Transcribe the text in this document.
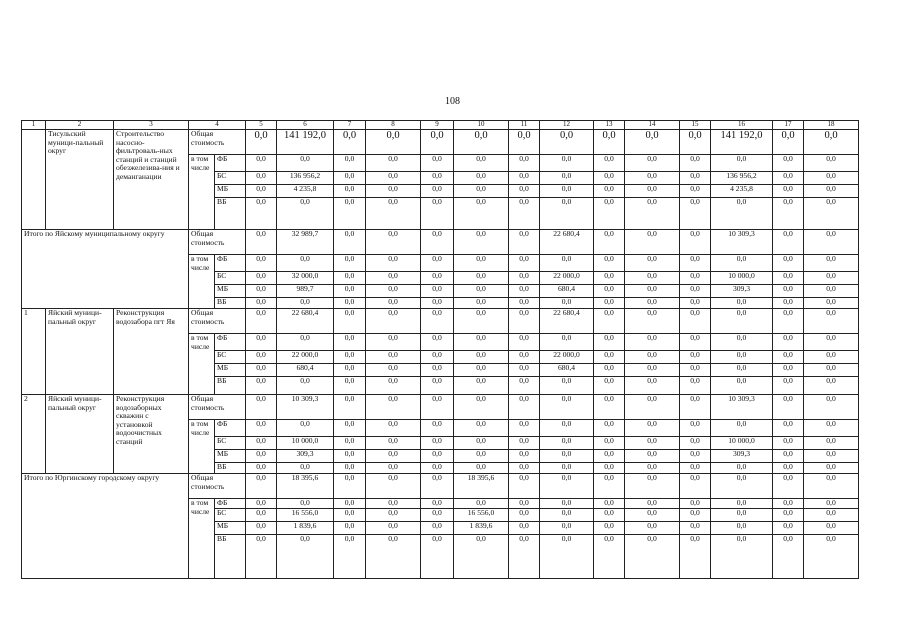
108
1	2	3	4		5	6	7	8	9	10	11	12	13	14	15	16	17	18
	Тисульский муници-пальный округ	Строительство насосно-фильтроваль-ных станций и станций обезжелезива-ния и деманганации	Общая стоимость		0,0	141 192,0	0,0	0,0	0,0	0,0	0,0	0,0	0,0	0,0	0,0	141 192,0	0,0	0,0
			в том числе	ФБ	0,0	0,0	0,0	0,0	0,0	0,0	0,0	0,0	0,0	0,0	0,0	0,0	0,0	0,0
				БС	0,0	136 956,2	0,0	0,0	0,0	0,0	0,0	0,0	0,0	0,0	0,0	136 956,2	0,0	0,0
				МБ	0,0	4 235,8	0,0	0,0	0,0	0,0	0,0	0,0	0,0	0,0	0,0	4 235,8	0,0	0,0
				ВБ	0,0	0,0	0,0	0,0	0,0	0,0	0,0	0,0	0,0	0,0	0,0	0,0	0,0	0,0
Итого по Яйскому муниципальному округу			Общая стоимость		0,0	32 989,7	0,0	0,0	0,0	0,0	0,0	22 680,4	0,0	0,0	0,0	10 309,3	0,0	0,0
			в том числе	ФБ	0,0	0,0	0,0	0,0	0,0	0,0	0,0	0,0	0,0	0,0	0,0	0,0	0,0	0,0
				БС	0,0	32 000,0	0,0	0,0	0,0	0,0	0,0	22 000,0	0,0	0,0	0,0	10 000,0	0,0	0,0
				МБ	0,0	989,7	0,0	0,0	0,0	0,0	0,0	680,4	0,0	0,0	0,0	309,3	0,0	0,0
				ВБ	0,0	0,0	0,0	0,0	0,0	0,0	0,0	0,0	0,0	0,0	0,0	0,0	0,0	0,0
1	Яйский муници-пальный округ	Реконструкция водозабора пгт Яя	Общая стоимость		0,0	22 680,4	0,0	0,0	0,0	0,0	0,0	22 680,4	0,0	0,0	0,0	0,0	0,0	0,0
			в том числе	ФБ	0,0	0,0	0,0	0,0	0,0	0,0	0,0	0,0	0,0	0,0	0,0	0,0	0,0	0,0
				БС	0,0	22 000,0	0,0	0,0	0,0	0,0	0,0	22 000,0	0,0	0,0	0,0	0,0	0,0	0,0
				МБ	0,0	680,4	0,0	0,0	0,0	0,0	0,0	680,4	0,0	0,0	0,0	0,0	0,0	0,0
				ВБ	0,0	0,0	0,0	0,0	0,0	0,0	0,0	0,0	0,0	0,0	0,0	0,0	0,0	0,0
2	Яйский муници-пальный округ	Реконструкция водозаборных скважин с установкой водоочистных станций	Общая стоимость		0,0	10 309,3	0,0	0,0	0,0	0,0	0,0	0,0	0,0	0,0	0,0	10 309,3	0,0	0,0
			в том числе	ФБ	0,0	0,0	0,0	0,0	0,0	0,0	0,0	0,0	0,0	0,0	0,0	0,0	0,0	0,0
				БС	0,0	10 000,0	0,0	0,0	0,0	0,0	0,0	0,0	0,0	0,0	0,0	10 000,0	0,0	0,0
				МБ	0,0	309,3	0,0	0,0	0,0	0,0	0,0	0,0	0,0	0,0	0,0	309,3	0,0	0,0
				ВБ	0,0	0,0	0,0	0,0	0,0	0,0	0,0	0,0	0,0	0,0	0,0	0,0	0,0	0,0
Итого по Юргинскому городскому округу			Общая стоимость		0,0	18 395,6	0,0	0,0	0,0	18 395,6	0,0	0,0	0,0	0,0	0,0	0,0	0,0	0,0
			в том числе	ФБ	0,0	0,0	0,0	0,0	0,0	0,0	0,0	0,0	0,0	0,0	0,0	0,0	0,0	0,0
				БС	0,0	16 556,0	0,0	0,0	0,0	16 556,0	0,0	0,0	0,0	0,0	0,0	0,0	0,0	0,0
				МБ	0,0	1 839,6	0,0	0,0	0,0	1 839,6	0,0	0,0	0,0	0,0	0,0	0,0	0,0	0,0
				ВБ	0,0	0,0	0,0	0,0	0,0	0,0	0,0	0,0	0,0	0,0	0,0	0,0	0,0	0,0
